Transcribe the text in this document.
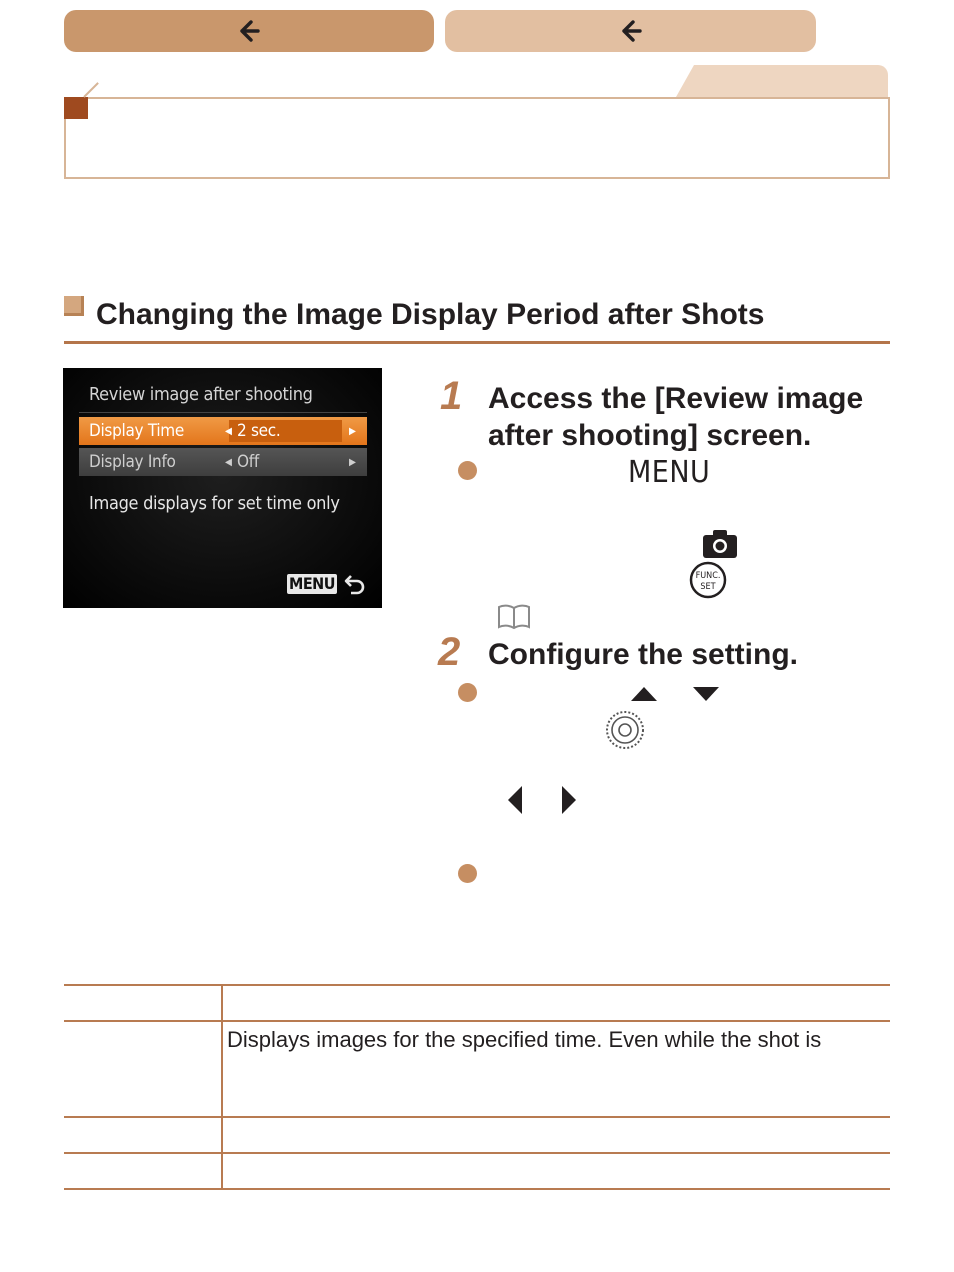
Changing the Image Display Period after Shots
Review image after shooting
Display Time	◀ 2 sec.	▶
Display Info	◀ Off	▶
Image displays for set time only
MENU
1 Access the [Review image
after shooting] screen.
MENU
FUNC.
SET
2 Configure the setting.
Displays images for the specified time. Even while the shot is
